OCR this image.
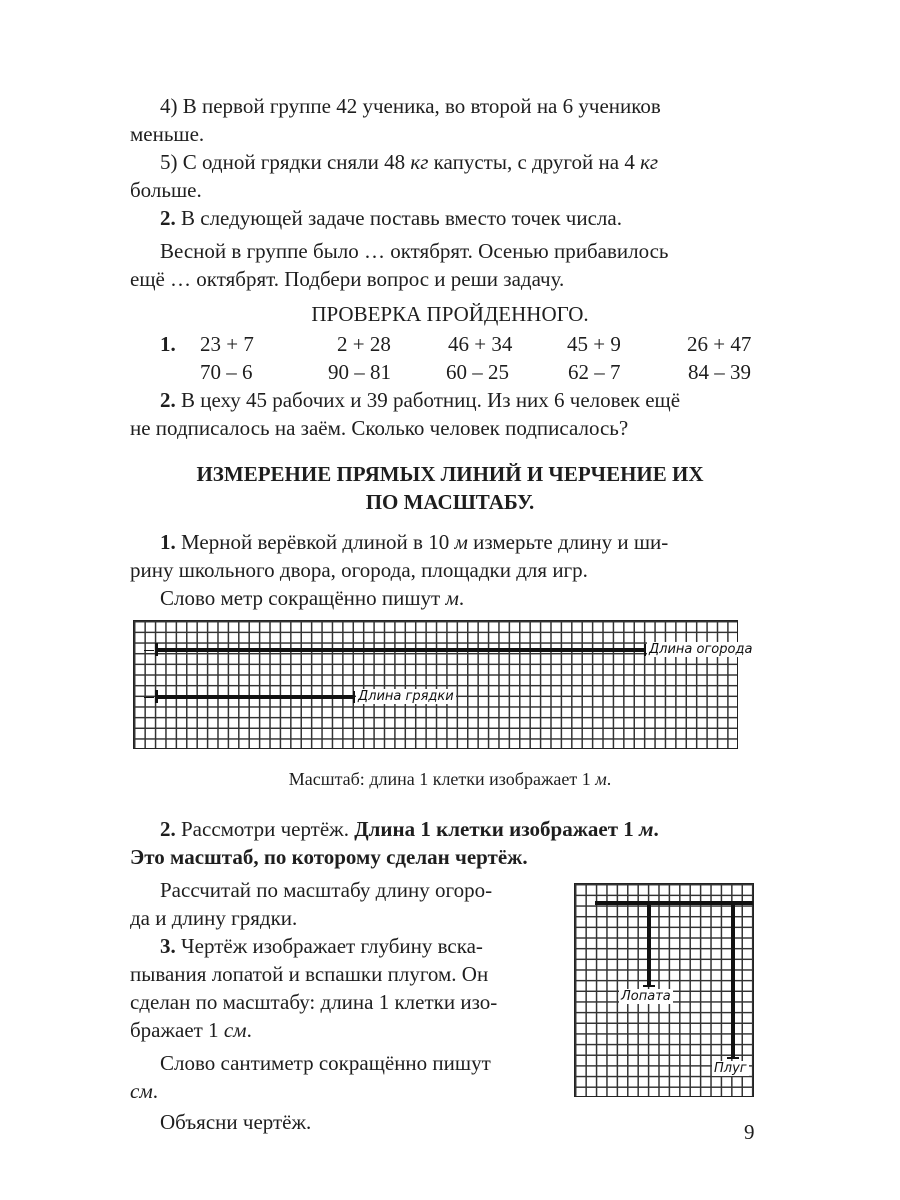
4) В первой группе 42 ученика, во второй на 6 учеников
меньше.
5) С одной грядки сняли 48 кг капусты, с другой на 4 кг
больше.
2. В следующей задаче поставь вместо точек числа.
Весной в группе было … октябрят. Осенью прибавилось
ещё … октябрят. Подбери вопрос и реши задачу.
ПРОВЕРКА ПРОЙДЕННОГО.
1. 23 + 7	2 + 28	46 + 34	45 + 9	26 + 47
70 – 6	90 – 81	60 – 25	62 – 7	84 – 39
2. В цеху 45 рабочих и 39 работниц. Из них 6 человек ещё
не подписалось на заём. Сколько человек подписалось?
ИЗМЕРЕНИЕ ПРЯМЫХ ЛИНИЙ И ЧЕРЧЕНИЕ ИХ
ПО МАСШТАБУ.
1. Мерной верёвкой длиной в 10 м измерьте длину и ши-
рину школьного двора, огорода, площадки для игр.
Слово метр сокращённо пишут м.
Длина огорода
Длина грядки
Масштаб: длина 1 клетки изображает 1 м.
2. Рассмотри чертёж. Длина 1 клетки изображает 1 м.
Это масштаб, по которому сделан чертёж.
Рассчитай по масштабу длину огоро-
да и длину грядки.
3. Чертёж изображает глубину вска-
пывания лопатой и вспашки плугом. Он
сделан по масштабу: длина 1 клетки изо-
бражает 1 см.
Слово сантиметр сокращённо пишут
см.
Объясни чертёж.
Лопата
Плуг
9
